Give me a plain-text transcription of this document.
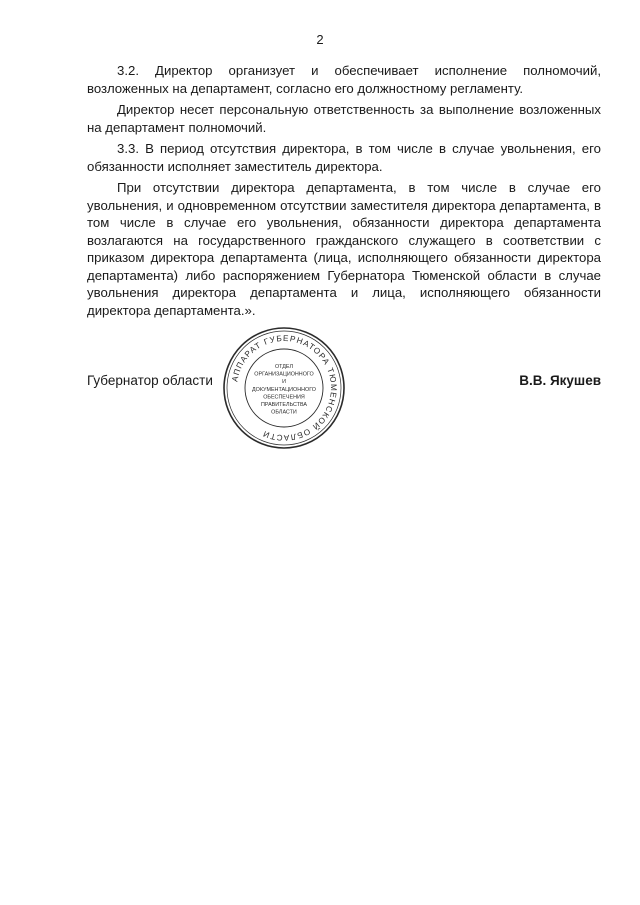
2

3.2. Директор организует и обеспечивает исполнение полномочий, возложенных на департамент, согласно его должностному регламенту.

Директор несет персональную ответственность за выполнение возложенных на департамент полномочий.

3.3. В период отсутствия директора, в том числе в случае увольнения, его обязанности исполняет заместитель директора.

При отсутствии директора департамента, в том числе в случае его увольнения, и одновременном отсутствии заместителя директора департамента, в том числе в случае его увольнения, обязанности директора департамента возлагаются на государственного гражданского служащего в соответствии с приказом директора департамента (лица, исполняющего обязанности директора департамента) либо распоряжением Губернатора Тюменской области в случае увольнения директора департамента и лица, исполняющего обязанности директора департамента.».

Губернатор области	В.В. Якушев
АППАРАТ ГУБЕРНАТОРА ТЮМЕНСКОЙ ОБЛАСТИ
ОТДЕЛ
ОРГАНИЗАЦИОННОГО
И
ДОКУМЕНТАЦИОННОГО
ОБЕСПЕЧЕНИЯ
ПРАВИТЕЛЬСТВА
ОБЛАСТИ
